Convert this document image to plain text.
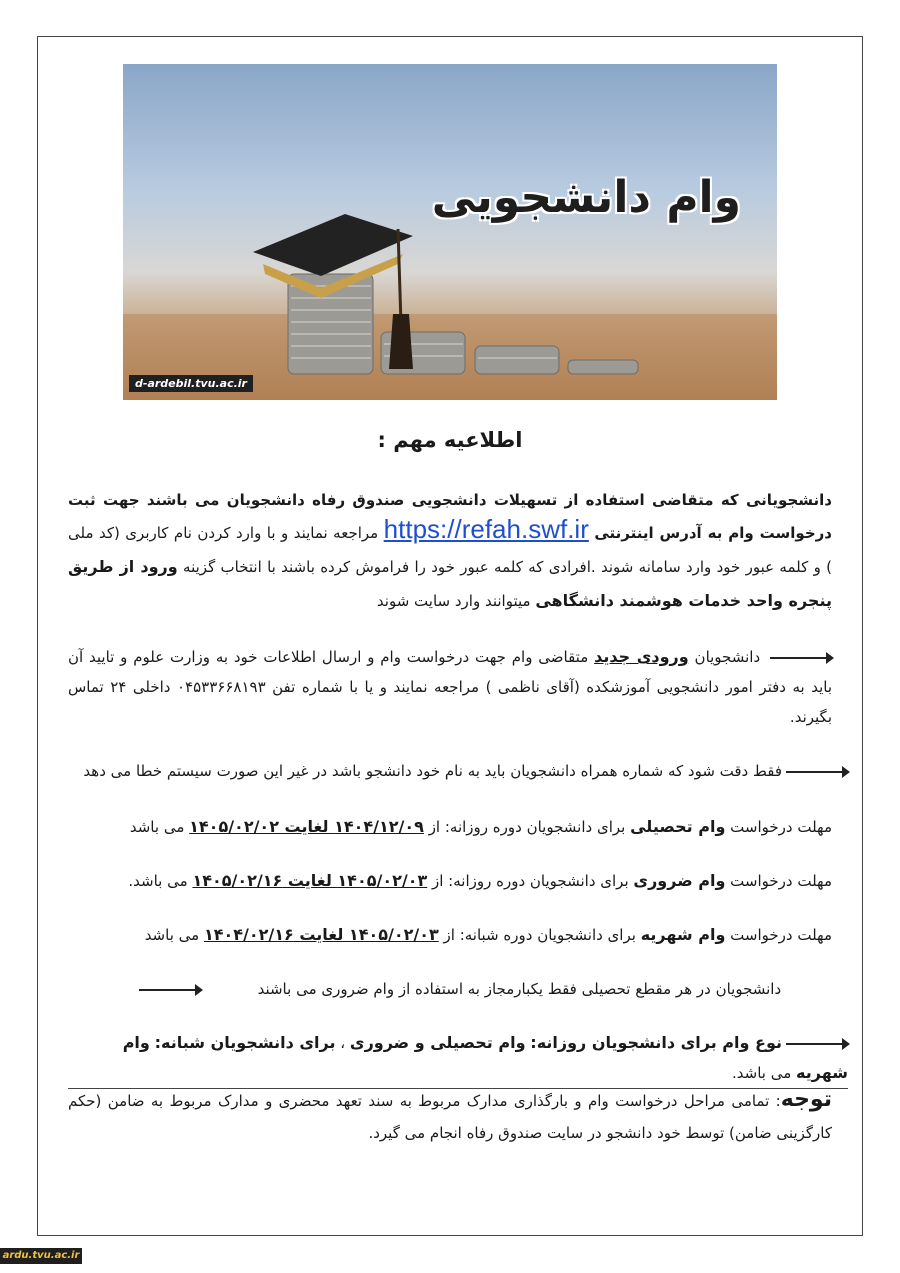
وام دانشجویی
d-ardebil.tvu.ac.ir
اطلاعیه مهم :
دانشجویانی که متقاضی استفاده از تسهیلات دانشجویی صندوق رفاه دانشجویان می باشند جهت ثبت درخواست وام به آدرس اینترنتی https://refah.swf.ir مراجعه نمایند و با وارد کردن نام کاربری (کد ملی ) و کلمه عبور خود وارد سامانه شوند .افرادی که کلمه عبور خود را فراموش کرده باشند با انتخاب گزینه ورود از طریق پنجره واحد خدمات هوشمند دانشگاهی میتوانند وارد سایت شوند
دانشجویان ورودی جدید متقاضی وام جهت درخواست وام و ارسال اطلاعات خود به وزارت علوم و تایید آن باید به دفتر امور دانشجویی آموزشکده (آقای ناظمی ) مراجعه نمایند و یا با شماره تفن ۰۴۵۳۳۶۶۸۱۹۳ داخلی ۲۴ تماس بگیرند.
فقط دقت شود که شماره همراه دانشجویان باید به نام خود دانشجو باشد در غیر این صورت سیستم خطا می دهد
مهلت درخواست وام تحصیلی برای دانشجویان دوره روزانه: از ۱۴۰۴/۱۲/۰۹ لغایت ۱۴۰۵/۰۲/۰۲ می باشد
مهلت درخواست وام ضروری برای دانشجویان دوره روزانه: از ۱۴۰۵/۰۲/۰۳ لغایت ۱۴۰۵/۰۲/۱۶ می باشد.
مهلت درخواست وام شهریه برای دانشجویان دوره شبانه: از ۱۴۰۵/۰۲/۰۳ لغایت ۱۴۰۴/۰۲/۱۶ می باشد
دانشجویان در هر مقطع تحصیلی فقط یکبارمجاز به استفاده از وام ضروری می باشند
نوع وام برای دانشجویان روزانه: وام تحصیلی و ضروری ، برای دانشجویان شبانه: وام شهریه می باشد.
توجه: تمامی مراحل درخواست وام و بارگذاری مدارک مربوط به سند تعهد محضری و مدارک مربوط به ضامن (حکم کارگزینی ضامن) توسط خود دانشجو در سایت صندوق رفاه انجام می گیرد.
ardu.tvu.ac.ir
